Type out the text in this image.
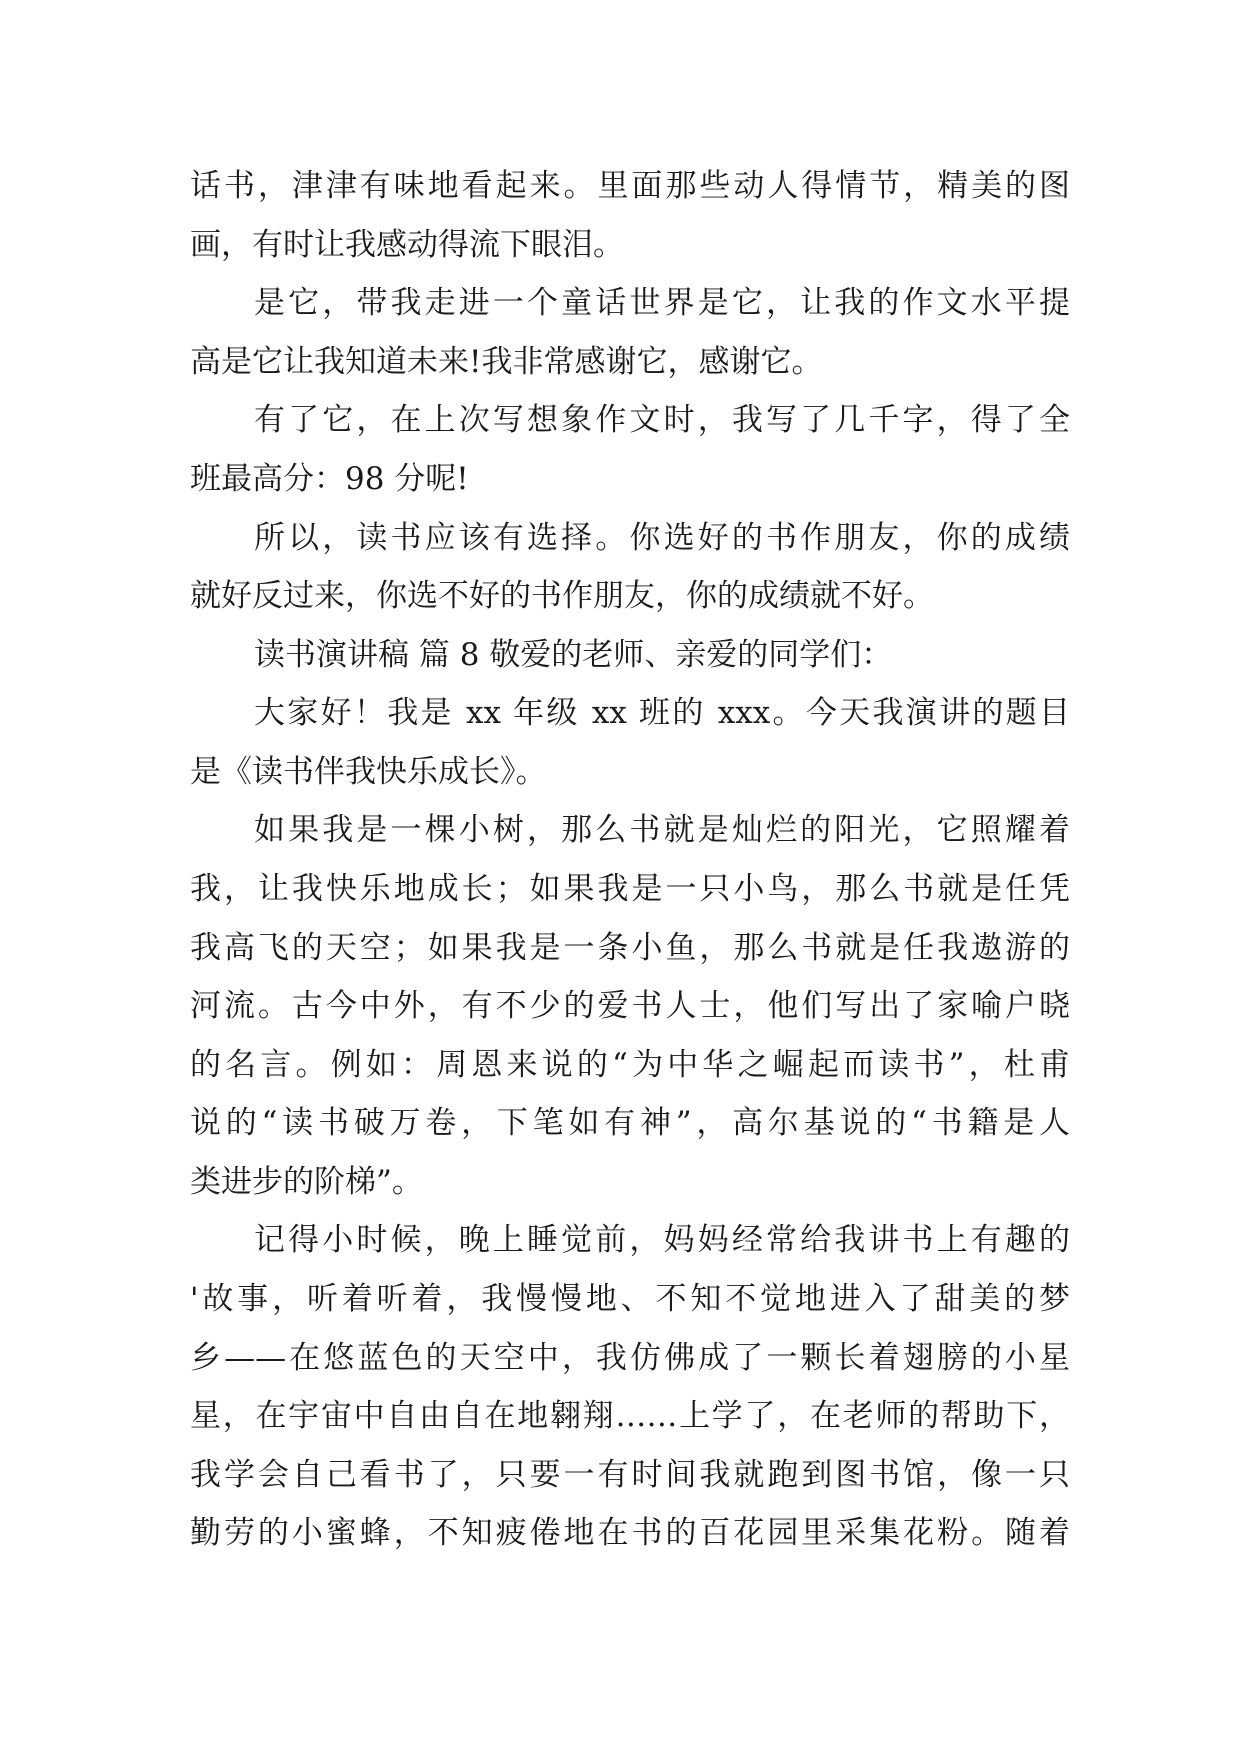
话书，津津有味地看起来。里面那些动人得情节，精美的图
画，有时让我感动得流下眼泪。
是它，带我走进一个童话世界是它，让我的作文水平提
高是它让我知道未来!我非常感谢它，感谢它。
有了它，在上次写想象作文时，我写了几千字，得了全
班最高分：98 分呢!
所以，读书应该有选择。你选好的书作朋友，你的成绩
就好反过来，你选不好的书作朋友，你的成绩就不好。
读书演讲稿 篇 8 敬爱的老师、亲爱的同学们：
大家好！我是 xx 年级 xx 班的 xxx。今天我演讲的题目
是《读书伴我快乐成长》。
如果我是一棵小树，那么书就是灿烂的阳光，它照耀着
我，让我快乐地成长；如果我是一只小鸟，那么书就是任凭
我高飞的天空；如果我是一条小鱼，那么书就是任我遨游的
河流。古今中外，有不少的爱书人士，他们写出了家喻户晓
的名言。例如：周恩来说的“为中华之崛起而读书”，杜甫
说的“读书破万卷，下笔如有神”，高尔基说的“书籍是人
类进步的阶梯”。
记得小时候，晚上睡觉前，妈妈经常给我讲书上有趣的
'故事，听着听着，我慢慢地、不知不觉地进入了甜美的梦
乡——在悠蓝色的天空中，我仿佛成了一颗长着翅膀的小星
星，在宇宙中自由自在地翱翔……上学了，在老师的帮助下，
我学会自己看书了，只要一有时间我就跑到图书馆，像一只
勤劳的小蜜蜂，不知疲倦地在书的百花园里采集花粉。随着
